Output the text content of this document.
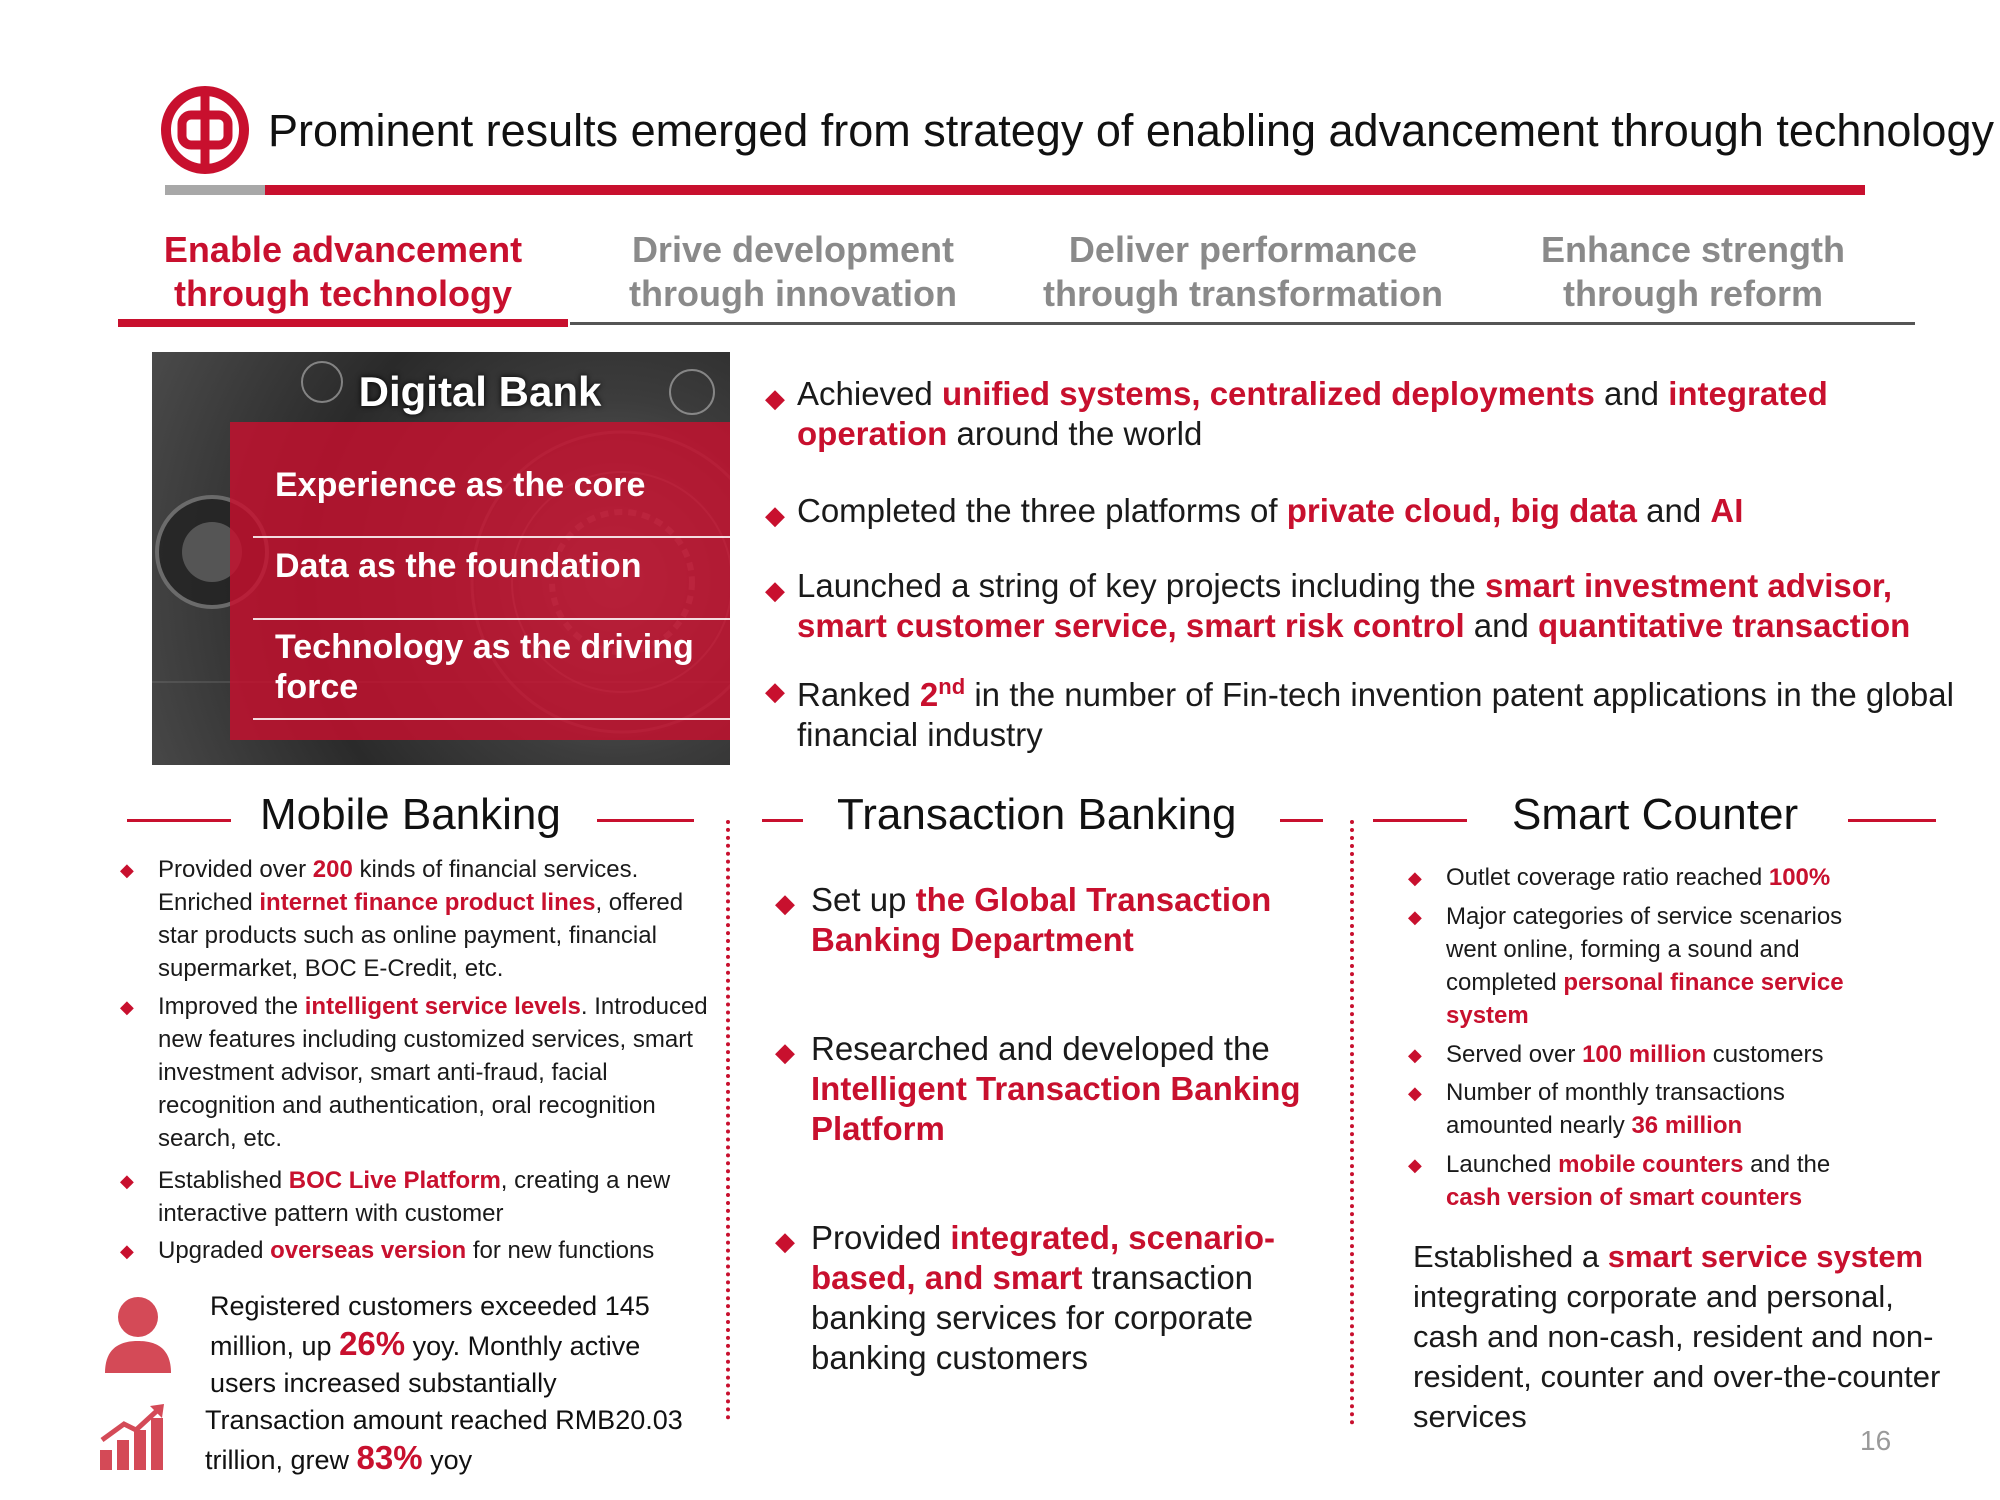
Prominent results emerged from strategy of enabling advancement through technology
Enable advancement
through technology
Drive development
through innovation
Deliver performance
through transformation
Enhance strength
through reform
Digital Bank
Experience as the core
Data as the foundation
Technology as the driving force
◆ Achieved unified systems, centralized deployments and integrated operation around the world
◆ Completed the three platforms of private cloud, big data and AI
◆ Launched a string of key projects including the smart investment advisor, smart customer service, smart risk control and quantitative transaction
◆ Ranked 2nd in the number of Fin-tech invention patent applications in the global financial industry
Mobile Banking	Transaction Banking	Smart Counter
◆ Provided over 200 kinds of financial services. Enriched internet finance product lines, offered star products such as online payment, financial supermarket, BOC E-Credit, etc.
◆ Improved the intelligent service levels. Introduced new features including customized services, smart investment advisor, smart anti-fraud, facial recognition and authentication, oral recognition search, etc.
◆ Established BOC Live Platform, creating a new interactive pattern with customer
◆ Upgraded overseas version for new functions
Registered customers exceeded 145 million, up 26% yoy. Monthly active users increased substantially
Transaction amount reached RMB20.03 trillion, grew 83% yoy
◆ Set up the Global Transaction Banking Department
◆ Researched and developed the Intelligent Transaction Banking Platform
◆ Provided integrated, scenario-based, and smart transaction banking services for corporate banking customers
◆ Outlet coverage ratio reached 100%
◆ Major categories of service scenarios went online, forming a sound and completed personal finance service system
◆ Served over 100 million customers
◆ Number of monthly transactions amounted nearly 36 million
◆ Launched mobile counters and the cash version of smart counters
Established a smart service system integrating corporate and personal, cash and non-cash, resident and non-resident, counter and over-the-counter services
16
